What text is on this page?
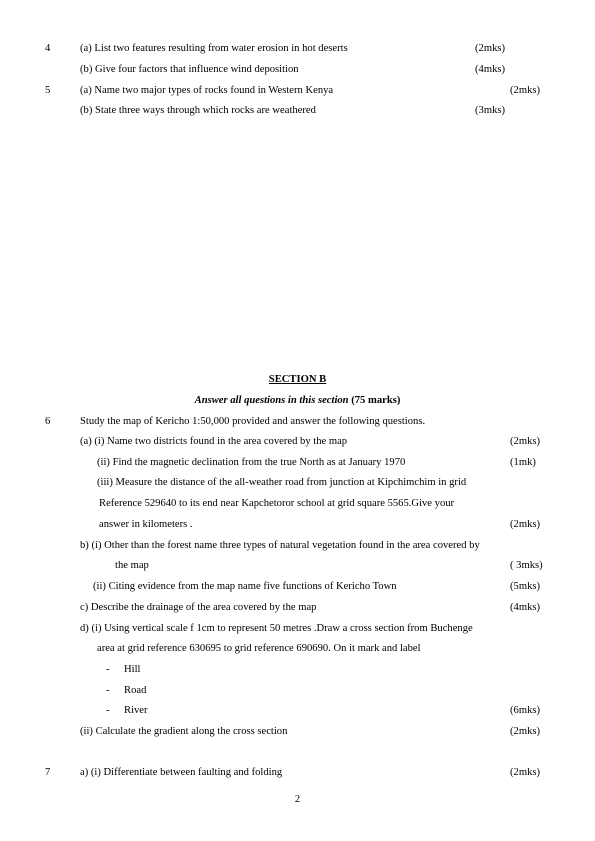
4	(a) List two features resulting from water erosion in hot deserts	(2mks)
(b) Give four factors that influence wind deposition	(4mks)
5	(a) Name two major types of rocks found in Western Kenya	(2mks)
(b) State three ways through which rocks are weathered	(3mks)
SECTION B
Answer all questions in this section (75 marks)
6	Study the map of Kericho 1:50,000 provided and answer the following questions.
(a) (i) Name two districts found in the area covered by the map	(2mks)
(ii) Find the magnetic declination from the true North as at January 1970	(1mk)
(iii) Measure the distance of the all-weather road from junction at Kipchimchim in grid
Reference 529640 to its end near Kapchetoror school at grid square 5565.Give your
answer in kilometers .	(2mks)
b) (i) Other than the forest name three types of natural vegetation found in the area covered by
the map	( 3mks)
(ii) Citing evidence from the map name five functions of Kericho Town	(5mks)
c) Describe the drainage of the area covered by the map	(4mks)
d) (i) Using vertical scale f 1cm to represent 50 metres .Draw a cross section from Buchenge
area at grid reference 630695 to grid reference 690690. On it mark and label
- Hill
- Road
- River	(6mks)
(ii) Calculate the gradient along the cross section	(2mks)
7	a) (i) Differentiate between faulting and folding	(2mks)
2
